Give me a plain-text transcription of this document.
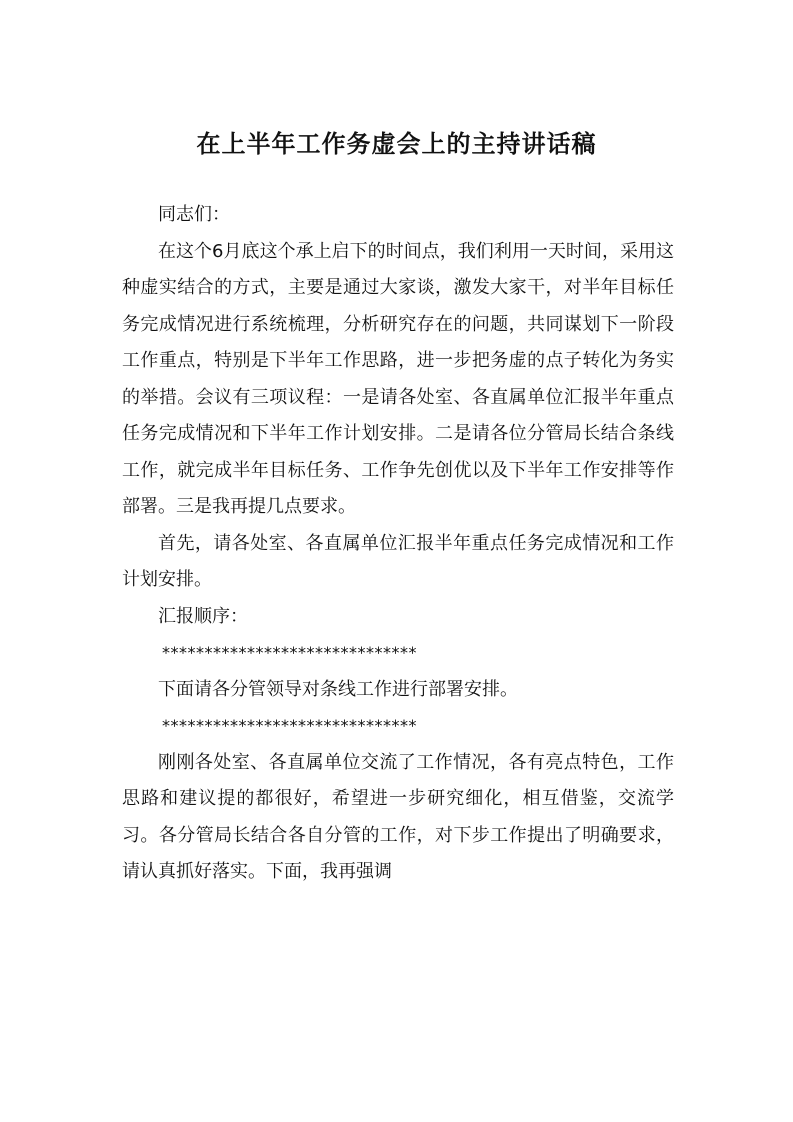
在上半年工作务虚会上的主持讲话稿

同志们：

在这个6月底这个承上启下的时间点，我们利用一天时间，采用这种虚实结合的方式，主要是通过大家谈，激发大家干，对半年目标任务完成情况进行系统梳理，分析研究存在的问题，共同谋划下一阶段工作重点，特别是下半年工作思路，进一步把务虚的点子转化为务实的举措。会议有三项议程：一是请各处室、各直属单位汇报半年重点任务完成情况和下半年工作计划安排。二是请各位分管局长结合条线工作，就完成半年目标任务、工作争先创优以及下半年工作安排等作部署。三是我再提几点要求。

首先，请各处室、各直属单位汇报半年重点任务完成情况和工作计划安排。

汇报顺序：

******************************

下面请各分管领导对条线工作进行部署安排。

******************************

刚刚各处室、各直属单位交流了工作情况，各有亮点特色，工作思路和建议提的都很好，希望进一步研究细化，相互借鉴，交流学习。各分管局长结合各自分管的工作，对下步工作提出了明确要求，请认真抓好落实。下面，我再强调
